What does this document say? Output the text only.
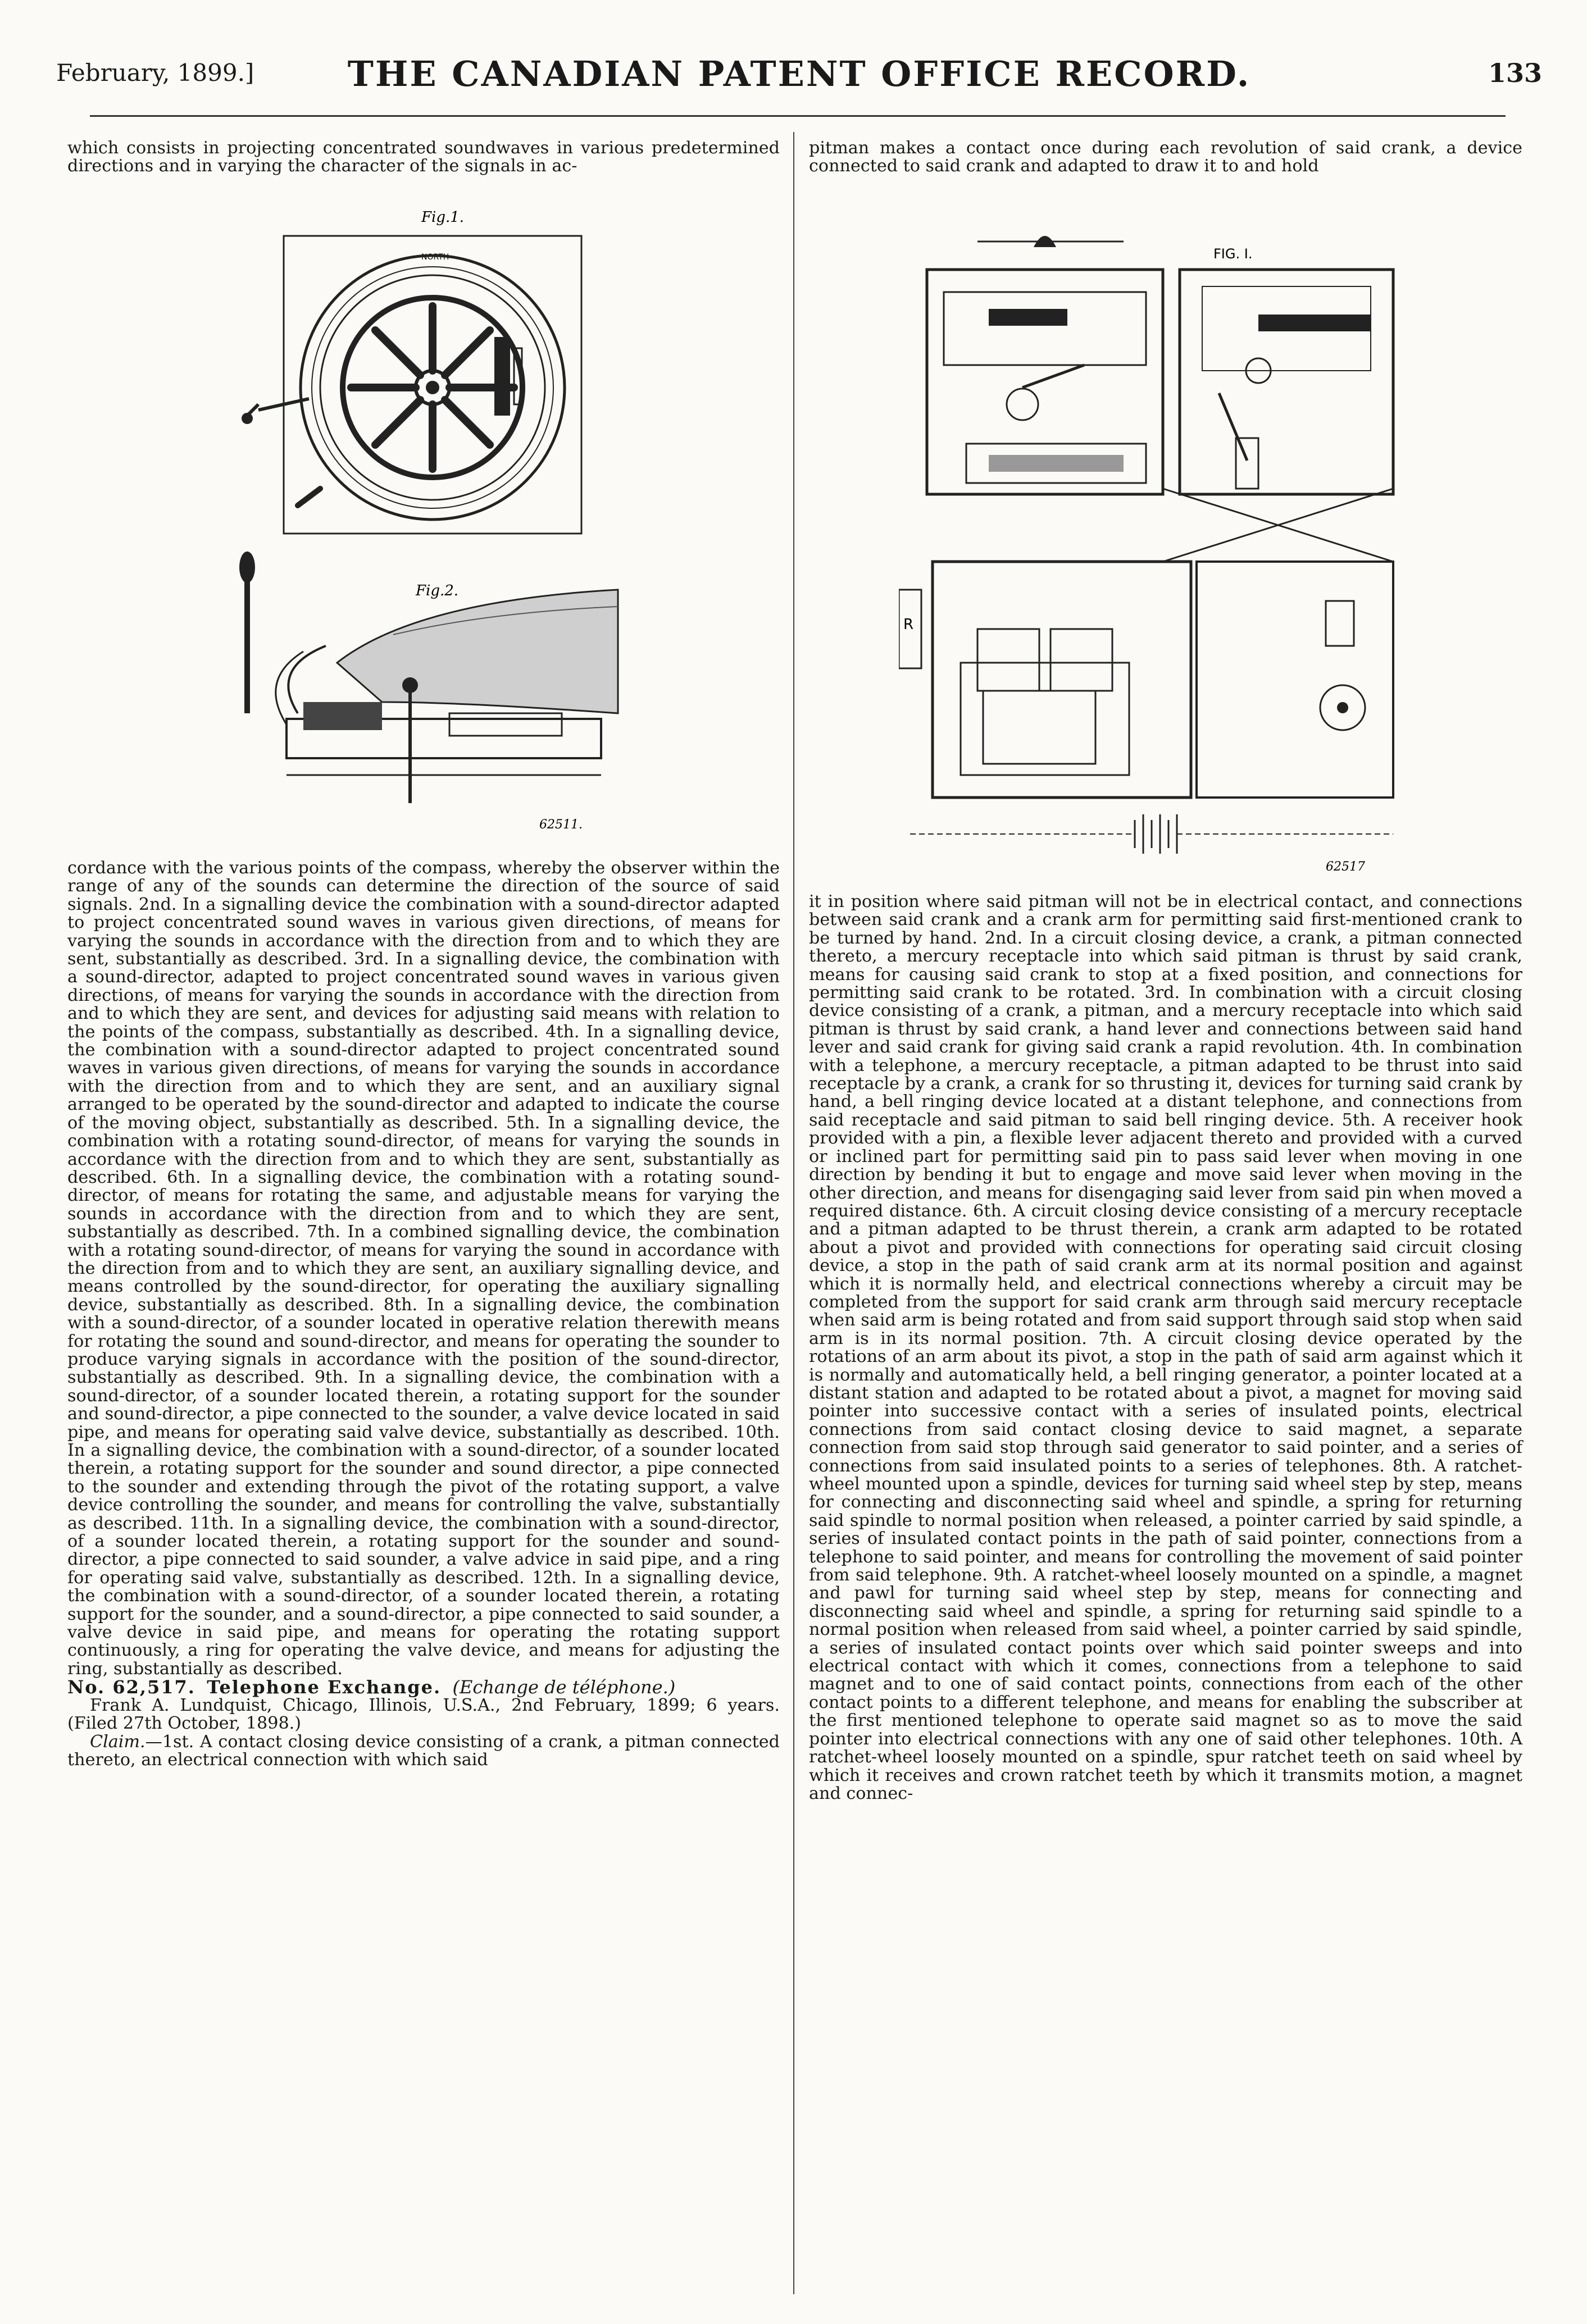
February, 1899.]	THE CANADIAN PATENT OFFICE RECORD.	133

which consists in projecting concentrated soundwaves in various predetermined directions and in varying the character of the signals in ac-

Fig.1.
NORTH
Fig.2.
62511.

cordance with the various points of the compass, whereby the observer within the range of any of the sounds can determine the direction of the source of said signals. 2nd. In a signalling device the combination with a sound-director adapted to project concentrated sound waves in various given directions, of means for varying the sounds in accordance with the direction from and to which they are sent, substantially as described. 3rd. In a signalling device, the combination with a sound-director, adapted to project concentrated sound waves in various given directions, of means for varying the sounds in accordance with the direction from and to which they are sent, and devices for adjusting said means with relation to the points of the compass, substantially as described. 4th. In a signalling device, the combination with a sound-director adapted to project concentrated sound waves in various given directions, of means for varying the sounds in accordance with the direction from and to which they are sent, and an auxiliary signal arranged to be operated by the sound-director and adapted to indicate the course of the moving object, substantially as described. 5th. In a signalling device, the combination with a rotating sound-director, of means for varying the sounds in accordance with the direction from and to which they are sent, substantially as described. 6th. In a signalling device, the combination with a rotating sound-director, of means for rotating the same, and adjustable means for varying the sounds in accordance with the direction from and to which they are sent, substantially as described. 7th. In a combined signalling device, the combination with a rotating sound-director, of means for varying the sound in accordance with the direction from and to which they are sent, an auxiliary signalling device, and means controlled by the sound-director, for operating the auxiliary signalling device, substantially as described. 8th. In a signalling device, the combination with a sound-director, of a sounder located in operative relation therewith means for rotating the sound and sound-director, and means for operating the sounder to produce varying signals in accordance with the position of the sound-director, substantially as described. 9th. In a signalling device, the combination with a sound-director, of a sounder located therein, a rotating support for the sounder and sound-director, a pipe connected to the sounder, a valve device located in said pipe, and means for operating said valve device, substantially as described. 10th. In a signalling device, the combination with a sound-director, of a sounder located therein, a rotating support for the sounder and sound director, a pipe connected to the sounder and extending through the pivot of the rotating support, a valve device controlling the sounder, and means for controlling the valve, substantially as described. 11th. In a signalling device, the combination with a sound-director, of a sounder located therein, a rotating support for the sounder and sound-director, a pipe connected to said sounder, a valve advice in said pipe, and a ring for operating said valve, substantially as described. 12th. In a signalling device, the combination with a sound-director, of a sounder located therein, a rotating support for the sounder, and a sound-director, a pipe connected to said sounder, a valve device in said pipe, and means for operating the rotating support continuously, a ring for operating the valve device, and means for adjusting the ring, substantially as described.

No. 62,517. Telephone Exchange. (Echange de téléphone.)

Frank A. Lundquist, Chicago, Illinois, U.S.A., 2nd February, 1899; 6 years. (Filed 27th October, 1898.)

Claim.—1st. A contact closing device consisting of a crank, a pitman connected thereto, an electrical connection with which said

pitman makes a contact once during each revolution of said crank, a device connected to said crank and adapted to draw it to and hold

FIG. I.
R
62517

it in position where said pitman will not be in electrical contact, and connections between said crank and a crank arm for permitting said first-mentioned crank to be turned by hand. 2nd. In a circuit closing device, a crank, a pitman connected thereto, a mercury receptacle into which said pitman is thrust by said crank, means for causing said crank to stop at a fixed position, and connections for permitting said crank to be rotated. 3rd. In combination with a circuit closing device consisting of a crank, a pitman, and a mercury receptacle into which said pitman is thrust by said crank, a hand lever and connections between said hand lever and said crank for giving said crank a rapid revolution. 4th. In combination with a telephone, a mercury receptacle, a pitman adapted to be thrust into said receptacle by a crank, a crank for so thrusting it, devices for turning said crank by hand, a bell ringing device located at a distant telephone, and connections from said receptacle and said pitman to said bell ringing device. 5th. A receiver hook provided with a pin, a flexible lever adjacent thereto and provided with a curved or inclined part for permitting said pin to pass said lever when moving in one direction by bending it but to engage and move said lever when moving in the other direction, and means for disengaging said lever from said pin when moved a required distance. 6th. A circuit closing device consisting of a mercury receptacle and a pitman adapted to be thrust therein, a crank arm adapted to be rotated about a pivot and provided with connections for operating said circuit closing device, a stop in the path of said crank arm at its normal position and against which it is normally held, and electrical connections whereby a circuit may be completed from the support for said crank arm through said mercury receptacle when said arm is being rotated and from said support through said stop when said arm is in its normal position. 7th. A circuit closing device operated by the rotations of an arm about its pivot, a stop in the path of said arm against which it is normally and automatically held, a bell ringing generator, a pointer located at a distant station and adapted to be rotated about a pivot, a magnet for moving said pointer into successive contact with a series of insulated points, electrical connections from said contact closing device to said magnet, a separate connection from said stop through said generator to said pointer, and a series of connections from said insulated points to a series of telephones. 8th. A ratchet-wheel mounted upon a spindle, devices for turning said wheel step by step, means for connecting and disconnecting said wheel and spindle, a spring for returning said spindle to normal position when released, a pointer carried by said spindle, a series of insulated contact points in the path of said pointer, connections from a telephone to said pointer, and means for controlling the movement of said pointer from said telephone. 9th. A ratchet-wheel loosely mounted on a spindle, a magnet and pawl for turning said wheel step by step, means for connecting and disconnecting said wheel and spindle, a spring for returning said spindle to a normal position when released from said wheel, a pointer carried by said spindle, a series of insulated contact points over which said pointer sweeps and into electrical contact with which it comes, connections from a telephone to said magnet and to one of said contact points, connections from each of the other contact points to a different telephone, and means for enabling the subscriber at the first mentioned telephone to operate said magnet so as to move the said pointer into electrical connections with any one of said other telephones. 10th. A ratchet-wheel loosely mounted on a spindle, spur ratchet teeth on said wheel by which it receives and crown ratchet teeth by which it transmits motion, a magnet and connec-
